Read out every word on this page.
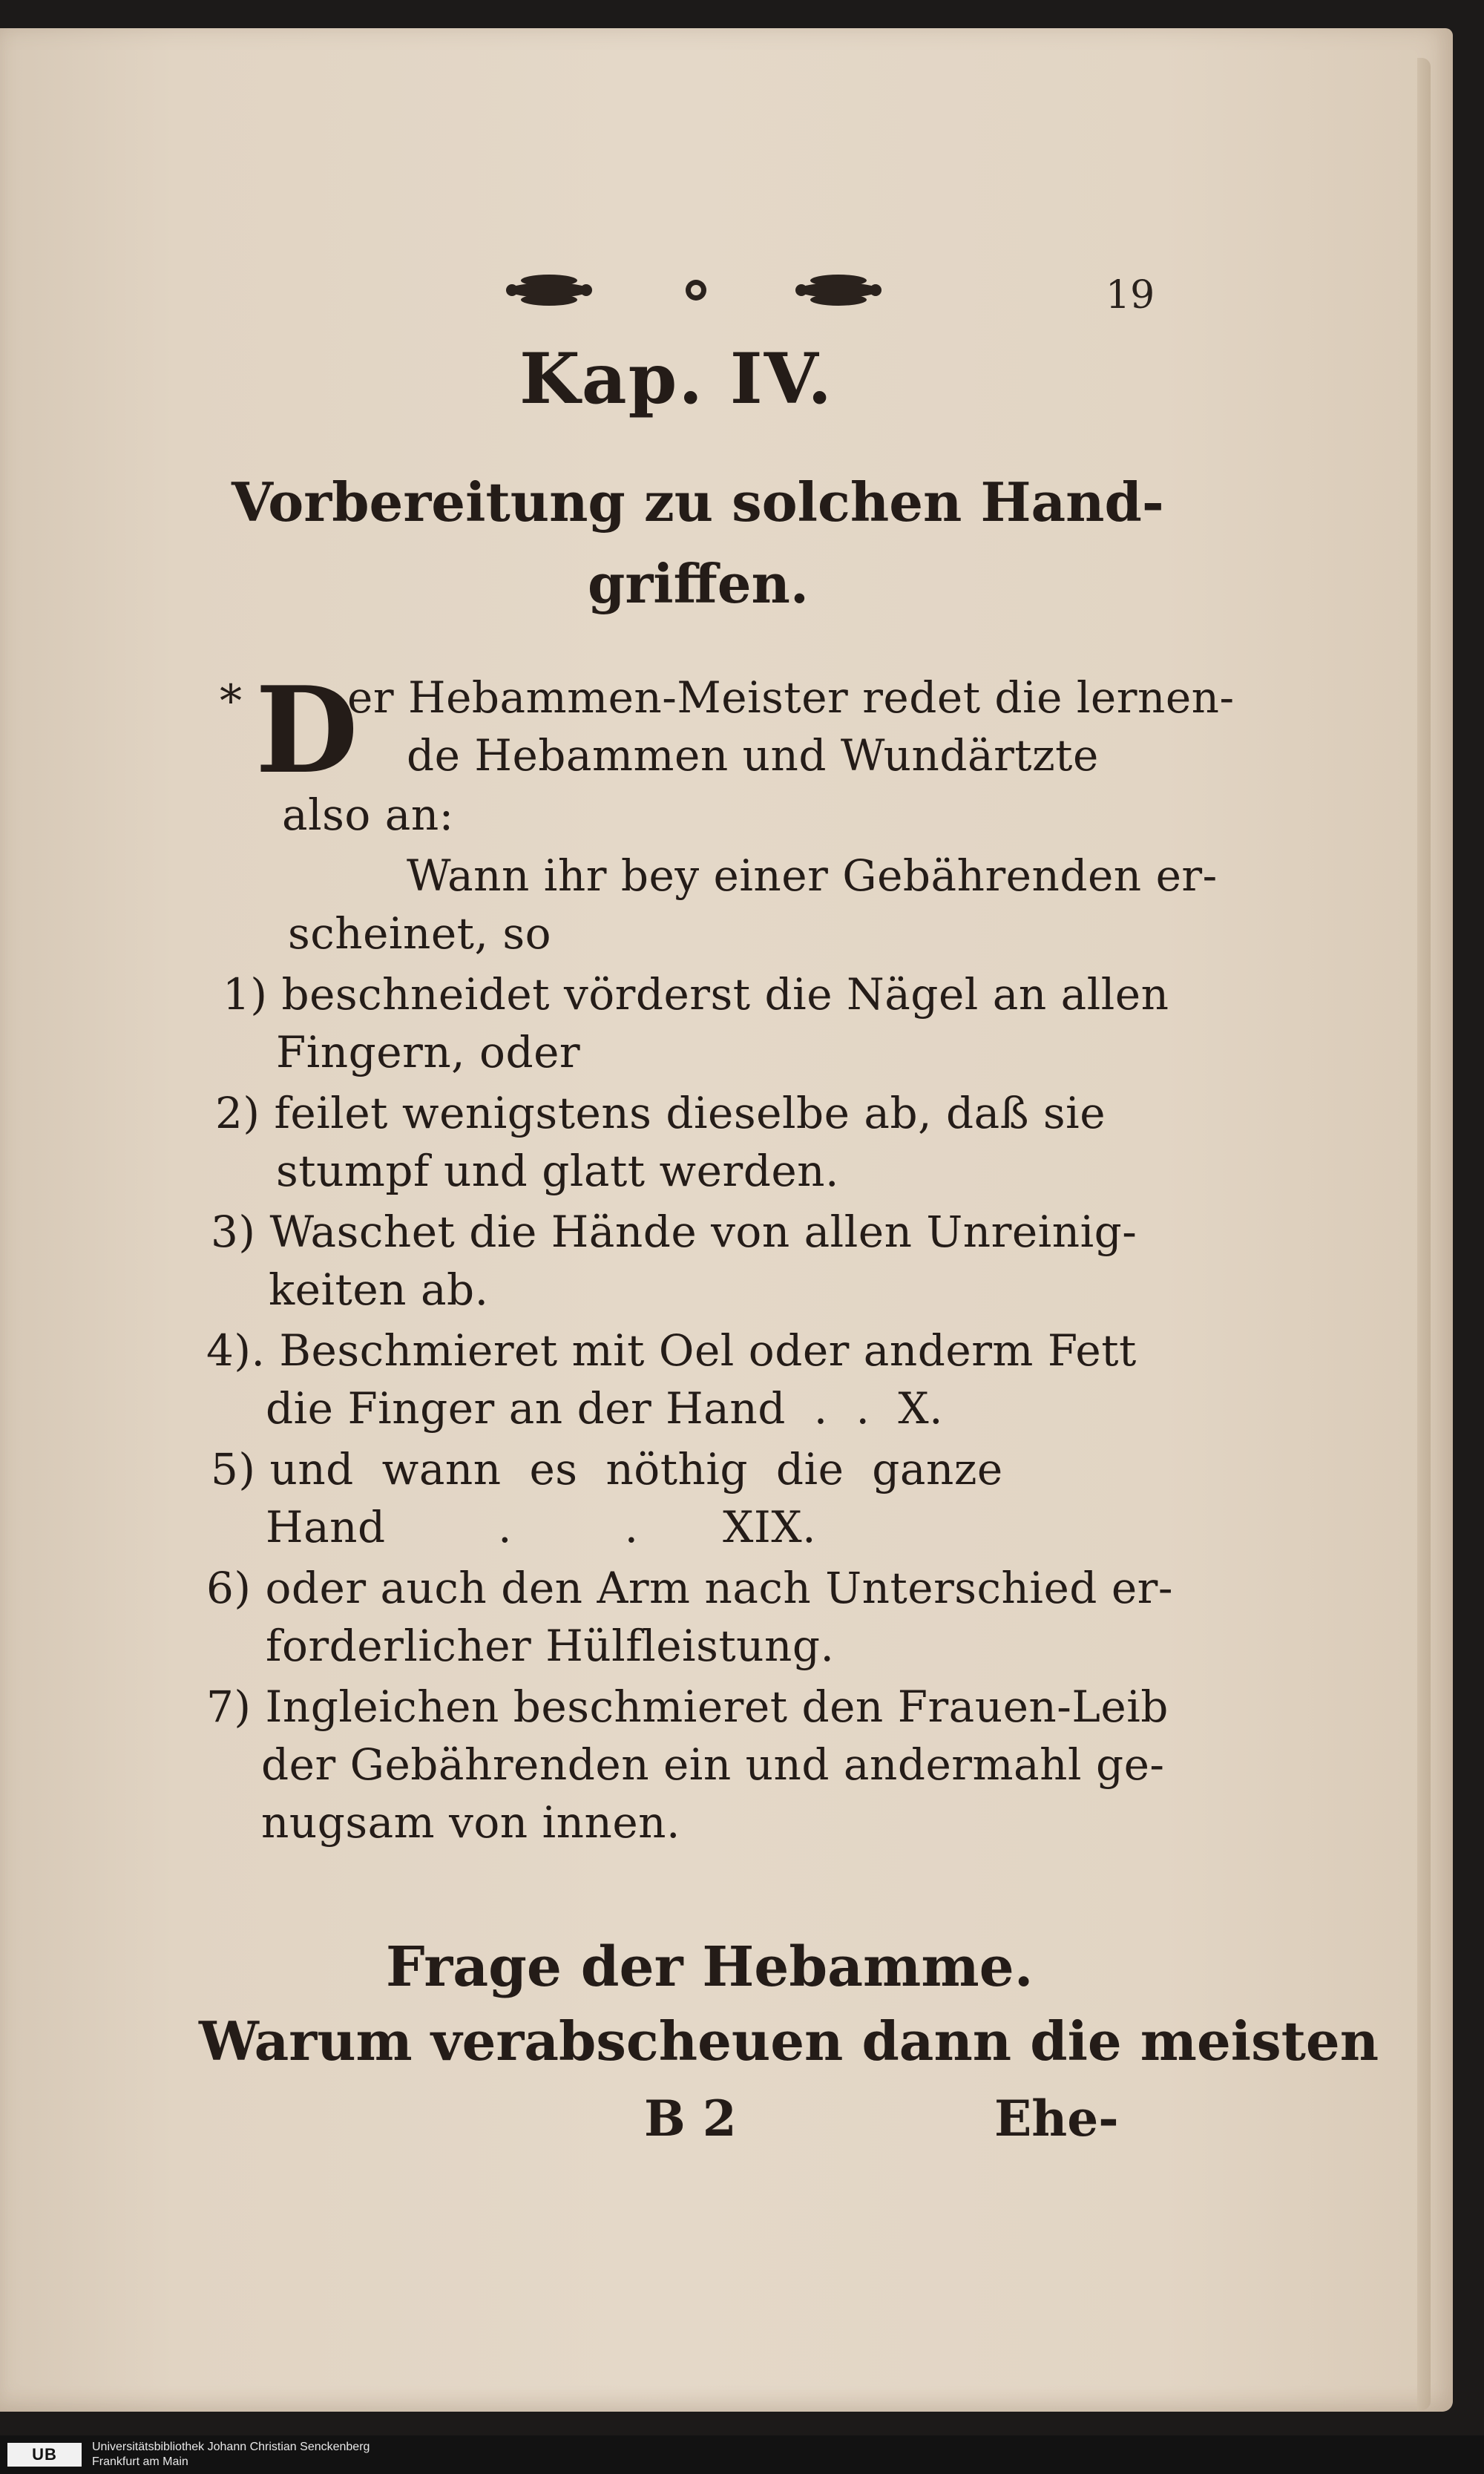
19
Kap. IV.
Vorbereitung zu solchen Hand-
griffen.
* D
er Hebammen-Meister redet die lernen-
de Hebammen und Wundärtzte
also an:
Wann ihr bey einer Gebährenden er-
scheinet, so
1) beschneidet vörderst die Nägel an allen
Fingern, oder
2) feilet wenigstens dieselbe ab, daß sie
stumpf und glatt werden.
3) Waschet die Hände von allen Unreinig-
keiten ab.
4). Beschmieret mit Oel oder anderm Fett
die Finger an der Hand  .  .  X.
5) und  wann  es  nöthig  die  ganze
Hand        .        .      XIX.
6) oder auch den Arm nach Unterschied er-
forderlicher Hülfleistung.
7) Ingleichen beschmieret den Frauen-Leib
der Gebährenden ein und andermahl ge-
nugsam von innen.
Frage der Hebamme.
Warum verabscheuen dann die meisten
B 2	Ehe-
UB	Universitätsbibliothek Johann Christian Senckenberg
Frankfurt am Main
